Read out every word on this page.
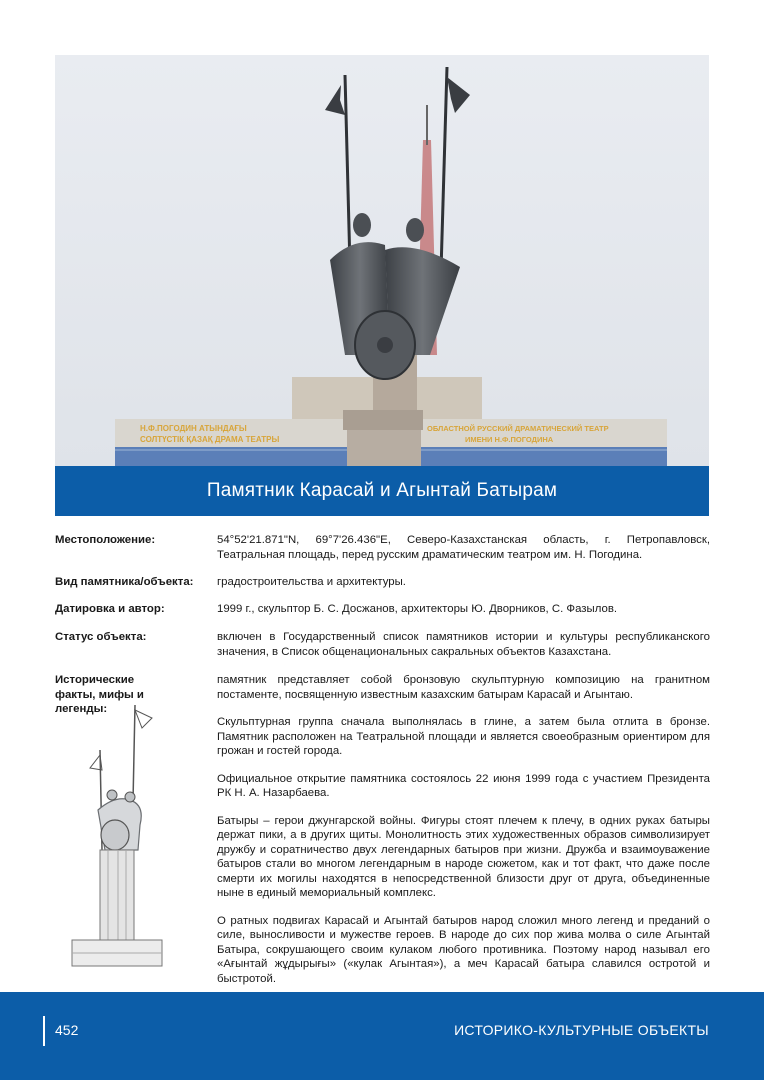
Н.Ф.ПОГОДИН АТЫНДАҒЫ
СОЛТҮСТІК ҚАЗАҚ ДРАМА ТЕАТРЫ
ОБЛАСТНОЙ РУССКИЙ ДРАМАТИЧЕСКИЙ ТЕАТР
ИМЕНИ Н.Ф.ПОГОДИНА
Памятник Карасай и Агынтай Батырам
Местоположение:	54°52'21.871"N, 69°7'26.436"E, Северо-Казахстанская область, г. Петропавловск, Театральная площадь, перед русским драматическим театром им. Н. Погодина.
Вид памятника/объекта:	градостроительства и архитектуры.
Датировка и автор:	1999 г., скульптор Б. С. Досжанов, архитекторы Ю. Дворников, С. Фазылов.
Статус объекта:	включен в Государственный список памятников истории и культуры республиканского значения, в Список общенациональных сакральных объектов Казахстана.
Исторические факты, мифы и легенды:

памятник представляет собой бронзовую скульптурную композицию на гранитном постаменте, посвященную известным казахским батырам Карасай и Агынтаю.

Скульптурная группа сначала выполнялась в глине, а затем была отлита в бронзе. Памятник расположен на Театральной площади и является своеобразным ориентиром для грожан и гостей города.

Официальное открытие памятника состоялось 22 июня 1999 года с участием Президента РК Н. А. Назарбаева.

Батыры – герои джунгарской войны. Фигуры стоят плечем к плечу, в одних руках батыры держат пики, а в других щиты. Монолитность этих художественных образов символизирует дружбу и соратничество двух легендарных батыров при жизни. Дружба и взаимоуважение батыров стали во многом легендарным в народе сюжетом, как и тот факт, что даже после смерти их могилы находятся в непосредственной близости друг от друга, объединенные ныне в единый мемориальный комплекс.

О ратных подвигах Карасай и Агынтай батыров народ сложил много легенд и преданий о силе, выносливости и мужестве героев. В народе до сих пор жива молва о силе Агынтай Батыра, сокрушающего своим кулаком любого противника. Поэтому народ называл его «Ағынтай жұдырығы» («кулак Агынтая»), а меч Карасай батыра славился остротой и быстротой.

452	ИСТОРИКО-КУЛЬТУРНЫЕ ОБЪЕКТЫ
